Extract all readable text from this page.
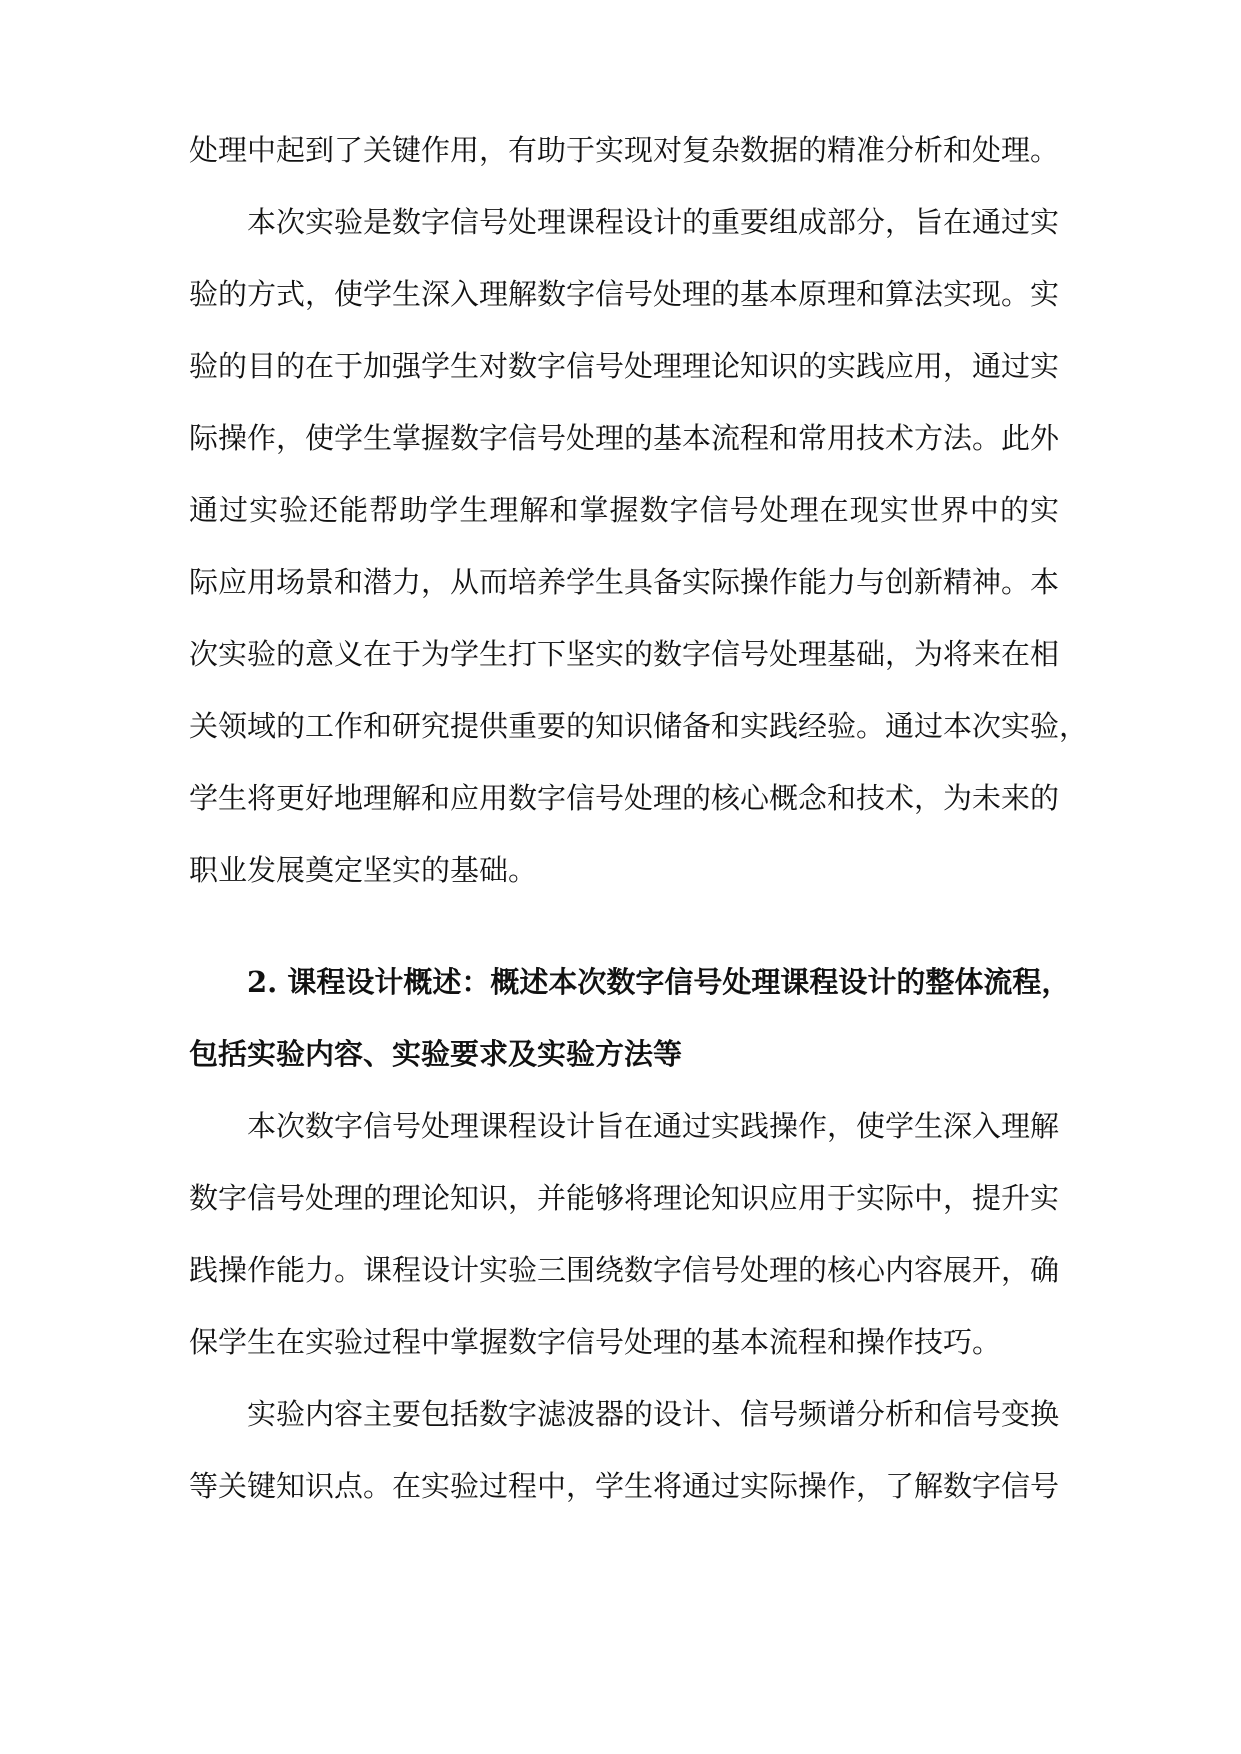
处理中起到了关键作用，有助于实现对复杂数据的精准分析和处理。
本次实验是数字信号处理课程设计的重要组成部分，旨在通过实
验的方式，使学生深入理解数字信号处理的基本原理和算法实现。实
验的目的在于加强学生对数字信号处理理论知识的实践应用，通过实
际操作，使学生掌握数字信号处理的基本流程和常用技术方法。此外
通过实验还能帮助学生理解和掌握数字信号处理在现实世界中的实
际应用场景和潜力，从而培养学生具备实际操作能力与创新精神。本
次实验的意义在于为学生打下坚实的数字信号处理基础，为将来在相
关领域的工作和研究提供重要的知识储备和实践经验。通过本次实验，
学生将更好地理解和应用数字信号处理的核心概念和技术，为未来的
职业发展奠定坚实的基础。
2. 课程设计概述：概述本次数字信号处理课程设计的整体流程，
包括实验内容、实验要求及实验方法等
本次数字信号处理课程设计旨在通过实践操作，使学生深入理解
数字信号处理的理论知识，并能够将理论知识应用于实际中，提升实
践操作能力。课程设计实验三围绕数字信号处理的核心内容展开，确
保学生在实验过程中掌握数字信号处理的基本流程和操作技巧。
实验内容主要包括数字滤波器的设计、信号频谱分析和信号变换
等关键知识点。在实验过程中，学生将通过实际操作，了解数字信号
